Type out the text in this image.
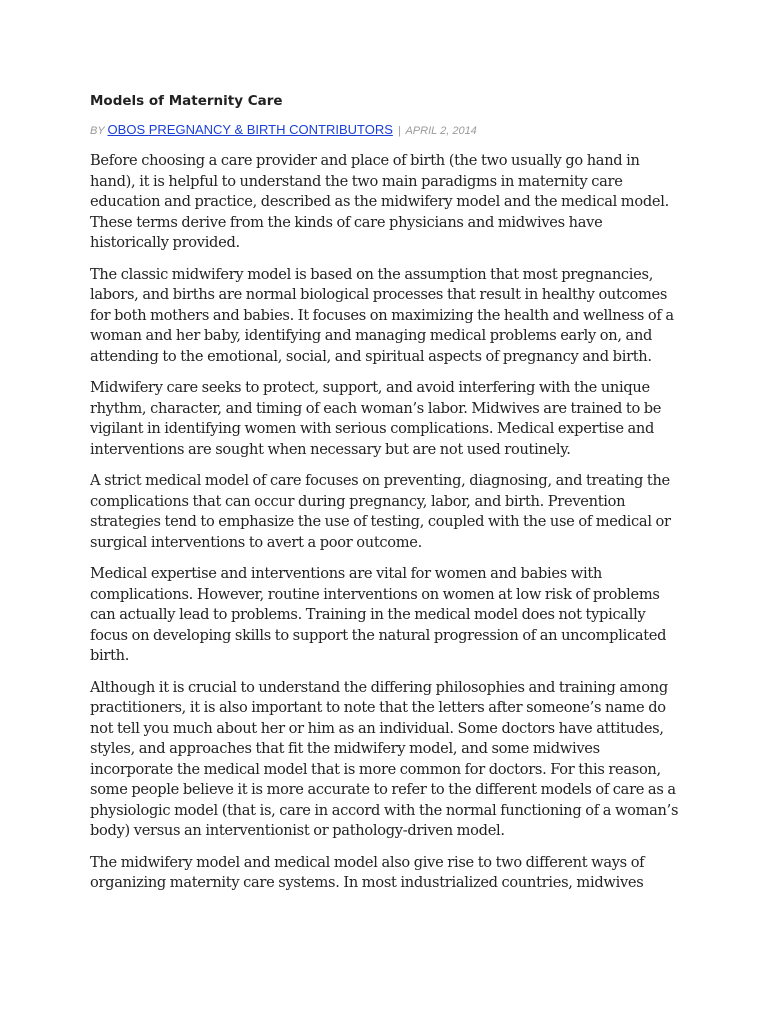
Models of Maternity Care
BY OBOS PREGNANCY & BIRTH CONTRIBUTORS | APRIL 2, 2014

Before choosing a care provider and place of birth (the two usually go hand in hand), it is helpful to understand the two main paradigms in maternity care education and practice, described as the midwifery model and the medical model. These terms derive from the kinds of care physicians and midwives have historically provided.

The classic midwifery model is based on the assumption that most pregnancies, labors, and births are normal biological processes that result in healthy outcomes for both mothers and babies. It focuses on maximizing the health and wellness of a woman and her baby, identifying and managing medical problems early on, and attending to the emotional, social, and spiritual aspects of pregnancy and birth.

Midwifery care seeks to protect, support, and avoid interfering with the unique rhythm, character, and timing of each woman’s labor. Midwives are trained to be vigilant in identifying women with serious complications. Medical expertise and interventions are sought when necessary but are not used routinely.

A strict medical model of care focuses on preventing, diagnosing, and treating the complications that can occur during pregnancy, labor, and birth. Prevention strategies tend to emphasize the use of testing, coupled with the use of medical or surgical interventions to avert a poor outcome.

Medical expertise and interventions are vital for women and babies with complications. However, routine interventions on women at low risk of problems can actually lead to problems. Training in the medical model does not typically focus on developing skills to support the natural progression of an uncomplicated birth.

Although it is crucial to understand the differing philosophies and training among practitioners, it is also important to note that the letters after someone’s name do not tell you much about her or him as an individual. Some doctors have attitudes, styles, and approaches that fit the midwifery model, and some midwives incorporate the medical model that is more common for doctors. For this reason, some people believe it is more accurate to refer to the different models of care as a physiologic model (that is, care in accord with the normal functioning of a woman’s body) versus an interventionist or pathology-driven model.

The midwifery model and medical model also give rise to two different ways of organizing maternity care systems. In most industrialized countries, midwives
